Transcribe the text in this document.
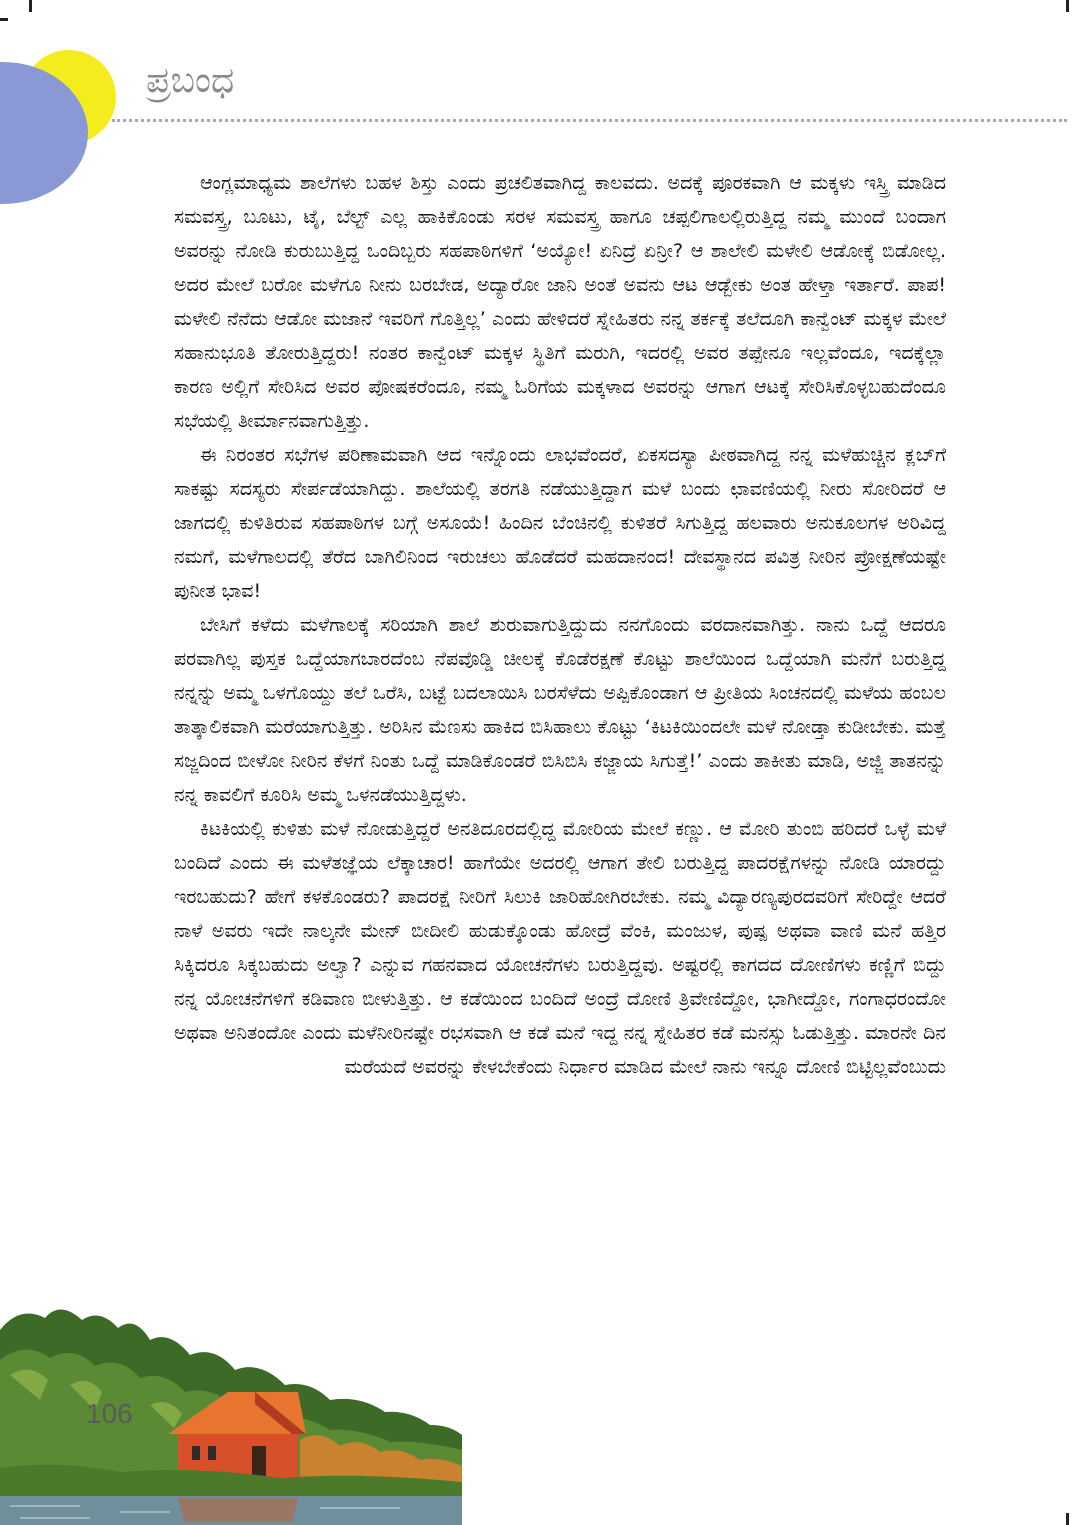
ಪ್ರಬಂಧ

ಆಂಗ್ಲಮಾಧ್ಯಮ ಶಾಲೆಗಳು ಬಹಳ ಶಿಸ್ತು ಎಂದು ಪ್ರಚಲಿತವಾಗಿದ್ದ ಕಾಲವದು. ಅದಕ್ಕೆ ಪೂರಕವಾಗಿ ಆ ಮಕ್ಕಳು ಇಸ್ತ್ರಿ ಮಾಡಿದ ಸಮವಸ್ತ್ರ, ಬೂಟು, ಟೈ, ಬೆಲ್ಟ್ ಎಲ್ಲ ಹಾಕಿಕೊಂಡು ಸರಳ ಸಮವಸ್ತ್ರ ಹಾಗೂ ಚಪ್ಪಲಿಗಾಲಲ್ಲಿರುತ್ತಿದ್ದ ನಮ್ಮ ಮುಂದೆ ಬಂದಾಗ ಅವರನ್ನು ನೋಡಿ ಕುರುಬುತ್ತಿದ್ದ ಒಂದಿಬ್ಬರು ಸಹಪಾಠಿಗಳಿಗೆ ‘ಅಯ್ಯೋ! ಏನಿದ್ರೆ ಏನ್ರೀ? ಆ ಶಾಲೇಲಿ ಮಳೇಲಿ ಆಡೋಕ್ಕೆ ಬಿಡೋಲ್ಲ. ಅದರ ಮೇಲೆ ಬರೋ ಮಳೆಗೂ ನೀನು ಬರಬೇಡ, ಅದ್ಯಾರೋ ಜಾನಿ ಅಂತೆ ಅವನು ಆಟ ಆಡ್ಬೇಕು ಅಂತ ಹೇಳ್ತಾ ಇರ್ತಾರೆ. ಪಾಪ! ಮಳೇಲಿ ನೆನೆದು ಆಡೋ ಮಜಾನೆ ಇವರಿಗೆ ಗೊತ್ತಿಲ್ಲ’ ಎಂದು ಹೇಳಿದರೆ ಸ್ನೇಹಿತರು ನನ್ನ ತರ್ಕಕ್ಕೆ ತಲೆದೂಗಿ ಕಾನ್ವೆಂಟ್ ಮಕ್ಕಳ ಮೇಲೆ ಸಹಾನುಭೂತಿ ತೋರುತ್ತಿದ್ದರು! ನಂತರ ಕಾನ್ವೆಂಟ್ ಮಕ್ಕಳ ಸ್ಥಿತಿಗೆ ಮರುಗಿ, ಇದರಲ್ಲಿ ಅವರ ತಪ್ಪೇನೂ ಇಲ್ಲವೆಂದೂ, ಇದಕ್ಕೆಲ್ಲಾ ಕಾರಣ ಅಲ್ಲಿಗೆ ಸೇರಿಸಿದ ಅವರ ಪೋಷಕರೆಂದೂ, ನಮ್ಮ ಓರಿಗೆಯ ಮಕ್ಕಳಾದ ಅವರನ್ನು ಆಗಾಗ ಆಟಕ್ಕೆ ಸೇರಿಸಿಕೊಳ್ಳಬಹುದೆಂದೂ ಸಭೆಯಲ್ಲಿ ತೀರ್ಮಾನವಾಗುತ್ತಿತ್ತು.

ಈ ನಿರಂತರ ಸಭೆಗಳ ಪರಿಣಾಮವಾಗಿ ಆದ ಇನ್ನೊಂದು ಲಾಭವೆಂದರೆ, ಏಕಸದಸ್ಯಾ ಪೀಠವಾಗಿದ್ದ ನನ್ನ ಮಳೆಹುಚ್ಚಿನ ಕ್ಲಬ್‌ಗೆ ಸಾಕಷ್ಟು ಸದಸ್ಯರು ಸೇರ್ಪಡೆಯಾಗಿದ್ದು. ಶಾಲೆಯಲ್ಲಿ ತರಗತಿ ನಡೆಯುತ್ತಿದ್ದಾಗ ಮಳೆ ಬಂದು ಛಾವಣಿಯಲ್ಲಿ ನೀರು ಸೋರಿದರೆ ಆ ಜಾಗದಲ್ಲಿ ಕುಳಿತಿರುವ ಸಹಪಾಠಿಗಳ ಬಗ್ಗೆ ಅಸೂಯೆ! ಹಿಂದಿನ ಬೆಂಚಿನಲ್ಲಿ ಕುಳಿತರೆ ಸಿಗುತ್ತಿದ್ದ ಹಲವಾರು ಅನುಕೂಲಗಳ ಅರಿವಿದ್ದ ನಮಗೆ, ಮಳೆಗಾಲದಲ್ಲಿ ತೆರೆದ ಬಾಗಿಲಿನಿಂದ ಇರುಚಲು ಹೊಡೆದರೆ ಮಹದಾನಂದ! ದೇವಸ್ಥಾನದ ಪವಿತ್ರ ನೀರಿನ ಪ್ರೋಕ್ಷಣೆಯಷ್ಟೇ ಪುನೀತ ಭಾವ!

ಬೇಸಿಗೆ ಕಳೆದು ಮಳೆಗಾಲಕ್ಕೆ ಸರಿಯಾಗಿ ಶಾಲೆ ಶುರುವಾಗುತ್ತಿದ್ದುದು ನನಗೊಂದು ವರದಾನವಾಗಿತ್ತು. ನಾನು ಒದ್ದೆ ಆದರೂ ಪರವಾಗಿಲ್ಲ ಪುಸ್ತಕ ಒದ್ದೆಯಾಗಬಾರದೆಂಬ ನೆಪವೊಡ್ಡಿ ಚೀಲಕ್ಕೆ ಕೊಡೆರಕ್ಷಣೆ ಕೊಟ್ಟು ಶಾಲೆಯಿಂದ ಒದ್ದೆಯಾಗಿ ಮನೆಗೆ ಬರುತ್ತಿದ್ದ ನನ್ನನ್ನು ಅಮ್ಮ ಒಳಗೊಯ್ದು ತಲೆ ಒರೆಸಿ, ಬಟ್ಟೆ ಬದಲಾಯಿಸಿ ಬರಸೆಳೆದು ಅಪ್ಪಿಕೊಂಡಾಗ ಆ ಪ್ರೀತಿಯ ಸಿಂಚನದಲ್ಲಿ ಮಳೆಯ ಹಂಬಲ ತಾತ್ಕಾಲಿಕವಾಗಿ ಮರೆಯಾಗುತ್ತಿತ್ತು. ಅರಿಸಿನ ಮೆಣಸು ಹಾಕಿದ ಬಿಸಿಹಾಲು ಕೊಟ್ಟು ‘ಕಿಟಕಿಯಿಂದಲೇ ಮಳೆ ನೋಡ್ತಾ ಕುಡೀಬೇಕು. ಮತ್ತೆ ಸಜ್ಜದಿಂದ ಬೀಳೋ ನೀರಿನ ಕೆಳಗೆ ನಿಂತು ಒದ್ದೆ ಮಾಡಿಕೊಂಡರೆ ಬಿಸಿಬಿಸಿ ಕಜ್ಜಾಯ ಸಿಗುತ್ತೆ!’ ಎಂದು ತಾಕೀತು ಮಾಡಿ, ಅಜ್ಜಿ ತಾತನನ್ನು ನನ್ನ ಕಾವಲಿಗೆ ಕೂರಿಸಿ ಅಮ್ಮ ಒಳನಡೆಯುತ್ತಿದ್ದಳು.

ಕಿಟಕಿಯಲ್ಲಿ ಕುಳಿತು ಮಳೆ ನೋಡುತ್ತಿದ್ದರೆ ಅನತಿದೂರದಲ್ಲಿದ್ದ ಮೋರಿಯ ಮೇಲೆ ಕಣ್ಣು. ಆ ಮೋರಿ ತುಂಬಿ ಹರಿದರೆ ಒಳ್ಳೆ ಮಳೆ ಬಂದಿದೆ ಎಂದು ಈ ಮಳೆತಜ್ಞೆಯ ಲೆಕ್ಕಾಚಾರ! ಹಾಗೆಯೇ ಅದರಲ್ಲಿ ಆಗಾಗ ತೇಲಿ ಬರುತ್ತಿದ್ದ ಪಾದರಕ್ಷೆಗಳನ್ನು ನೋಡಿ ಯಾರದ್ದು ಇರಬಹುದು? ಹೇಗೆ ಕಳಕೊಂಡರು? ಪಾದರಕ್ಷೆ ನೀರಿಗೆ ಸಿಲುಕಿ ಜಾರಿಹೋಗಿರಬೇಕು. ನಮ್ಮ ವಿದ್ಯಾರಣ್ಯಪುರದವರಿಗೆ ಸೇರಿದ್ದೇ ಆದರೆ ನಾಳೆ ಅವರು ಇದೇ ನಾಲ್ಕನೇ ಮೇನ್ ಬೀದೀಲಿ ಹುಡುಕ್ಕೊಂಡು ಹೋದ್ರೆ ವೆಂಕಿ, ಮಂಜುಳ, ಪುಷ್ಪ ಅಥವಾ ವಾಣಿ ಮನೆ ಹತ್ತಿರ ಸಿಕ್ಕಿದರೂ ಸಿಕ್ಕಬಹುದು ಅಲ್ವಾ? ಎನ್ನುವ ಗಹನವಾದ ಯೋಚನೆಗಳು ಬರುತ್ತಿದ್ದವು. ಅಷ್ಟರಲ್ಲಿ ಕಾಗದದ ದೋಣಿಗಳು ಕಣ್ಣಿಗೆ ಬಿದ್ದು ನನ್ನ ಯೋಚನೆಗಳಿಗೆ ಕಡಿವಾಣ ಬೀಳುತ್ತಿತ್ತು. ಆ ಕಡೆಯಿಂದ ಬಂದಿದೆ ಅಂದ್ರೆ ದೋಣಿ ತ್ರಿವೇಣಿದ್ದೋ, ಭಾಗೀದ್ದೋ, ಗಂಗಾಧರಂದೋ ಅಥವಾ ಅನಿತಂದೋ ಎಂದು ಮಳೆನೀರಿನಷ್ಟೇ ರಭಸವಾಗಿ ಆ ಕಡೆ ಮನೆ ಇದ್ದ ನನ್ನ ಸ್ನೇಹಿತರ ಕಡೆ ಮನಸ್ಸು ಓಡುತ್ತಿತ್ತು. ಮಾರನೇ ದಿನ ಮರೆಯದೆ ಅವರನ್ನು ಕೇಳಬೇಕೆಂದು ನಿರ್ಧಾರ ಮಾಡಿದ ಮೇಲೆ ನಾನು ಇನ್ನೂ ದೋಣಿ ಬಿಟ್ಟಿಲ್ಲವೆಂಬುದು

106
